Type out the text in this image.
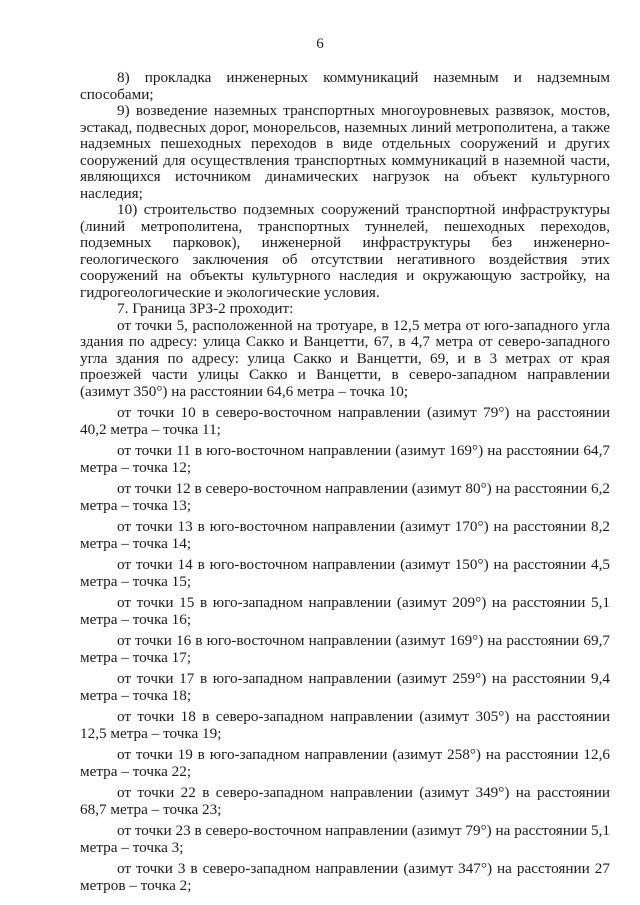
6

8) прокладка инженерных коммуникаций наземным и надземным способами;

9) возведение наземных транспортных многоуровневых развязок, мостов, эстакад, подвесных дорог, монорельсов, наземных линий метрополитена, а также надземных пешеходных переходов в виде отдельных сооружений и других сооружений для осуществления транспортных коммуникаций в наземной части, являющихся источником динамических нагрузок на объект культурного наследия;

10) строительство подземных сооружений транспортной инфраструктуры (линий метрополитена, транспортных туннелей, пешеходных переходов, подземных парковок), инженерной инфраструктуры без инженерно-геологического заключения об отсутствии негативного воздействия этих сооружений на объекты культурного наследия и окружающую застройку, на гидрогеологические и экологические условия.

7. Граница ЗРЗ-2 проходит:

от точки 5, расположенной на тротуаре, в 12,5 метра от юго-западного угла здания по адресу: улица Сакко и Ванцетти, 67, в 4,7 метра от северо-западного угла здания по адресу: улица Сакко и Ванцетти, 69, и в 3 метрах от края проезжей части улицы Сакко и Ванцетти, в северо-западном направлении (азимут 350°) на расстоянии 64,6 метра – точка 10;

от точки 10 в северо-восточном направлении (азимут 79°) на расстоянии 40,2 метра – точка 11;

от точки 11 в юго-восточном направлении (азимут 169°) на расстоянии 64,7 метра – точка 12;

от точки 12 в северо-восточном направлении (азимут 80°) на расстоянии 6,2 метра – точка 13;

от точки 13 в юго-восточном направлении (азимут 170°) на расстоянии 8,2 метра – точка 14;

от точки 14 в юго-восточном направлении (азимут 150°) на расстоянии 4,5 метра – точка 15;

от точки 15 в юго-западном направлении (азимут 209°) на расстоянии 5,1 метра – точка 16;

от точки 16 в юго-восточном направлении (азимут 169°) на расстоянии 69,7 метра – точка 17;

от точки 17 в юго-западном направлении (азимут 259°) на расстоянии 9,4 метра – точка 18;

от точки 18 в северо-западном направлении (азимут 305°) на расстоянии 12,5 метра – точка 19;

от точки 19 в юго-западном направлении (азимут 258°) на расстоянии 12,6 метра – точка 22;

от точки 22 в северо-западном направлении (азимут 349°) на расстоянии 68,7 метра – точка 23;

от точки 23 в северо-восточном направлении (азимут 79°) на расстоянии 5,1 метра – точка 3;

от точки 3 в северо-западном направлении (азимут 347°) на расстоянии 27 метров – точка 2;
